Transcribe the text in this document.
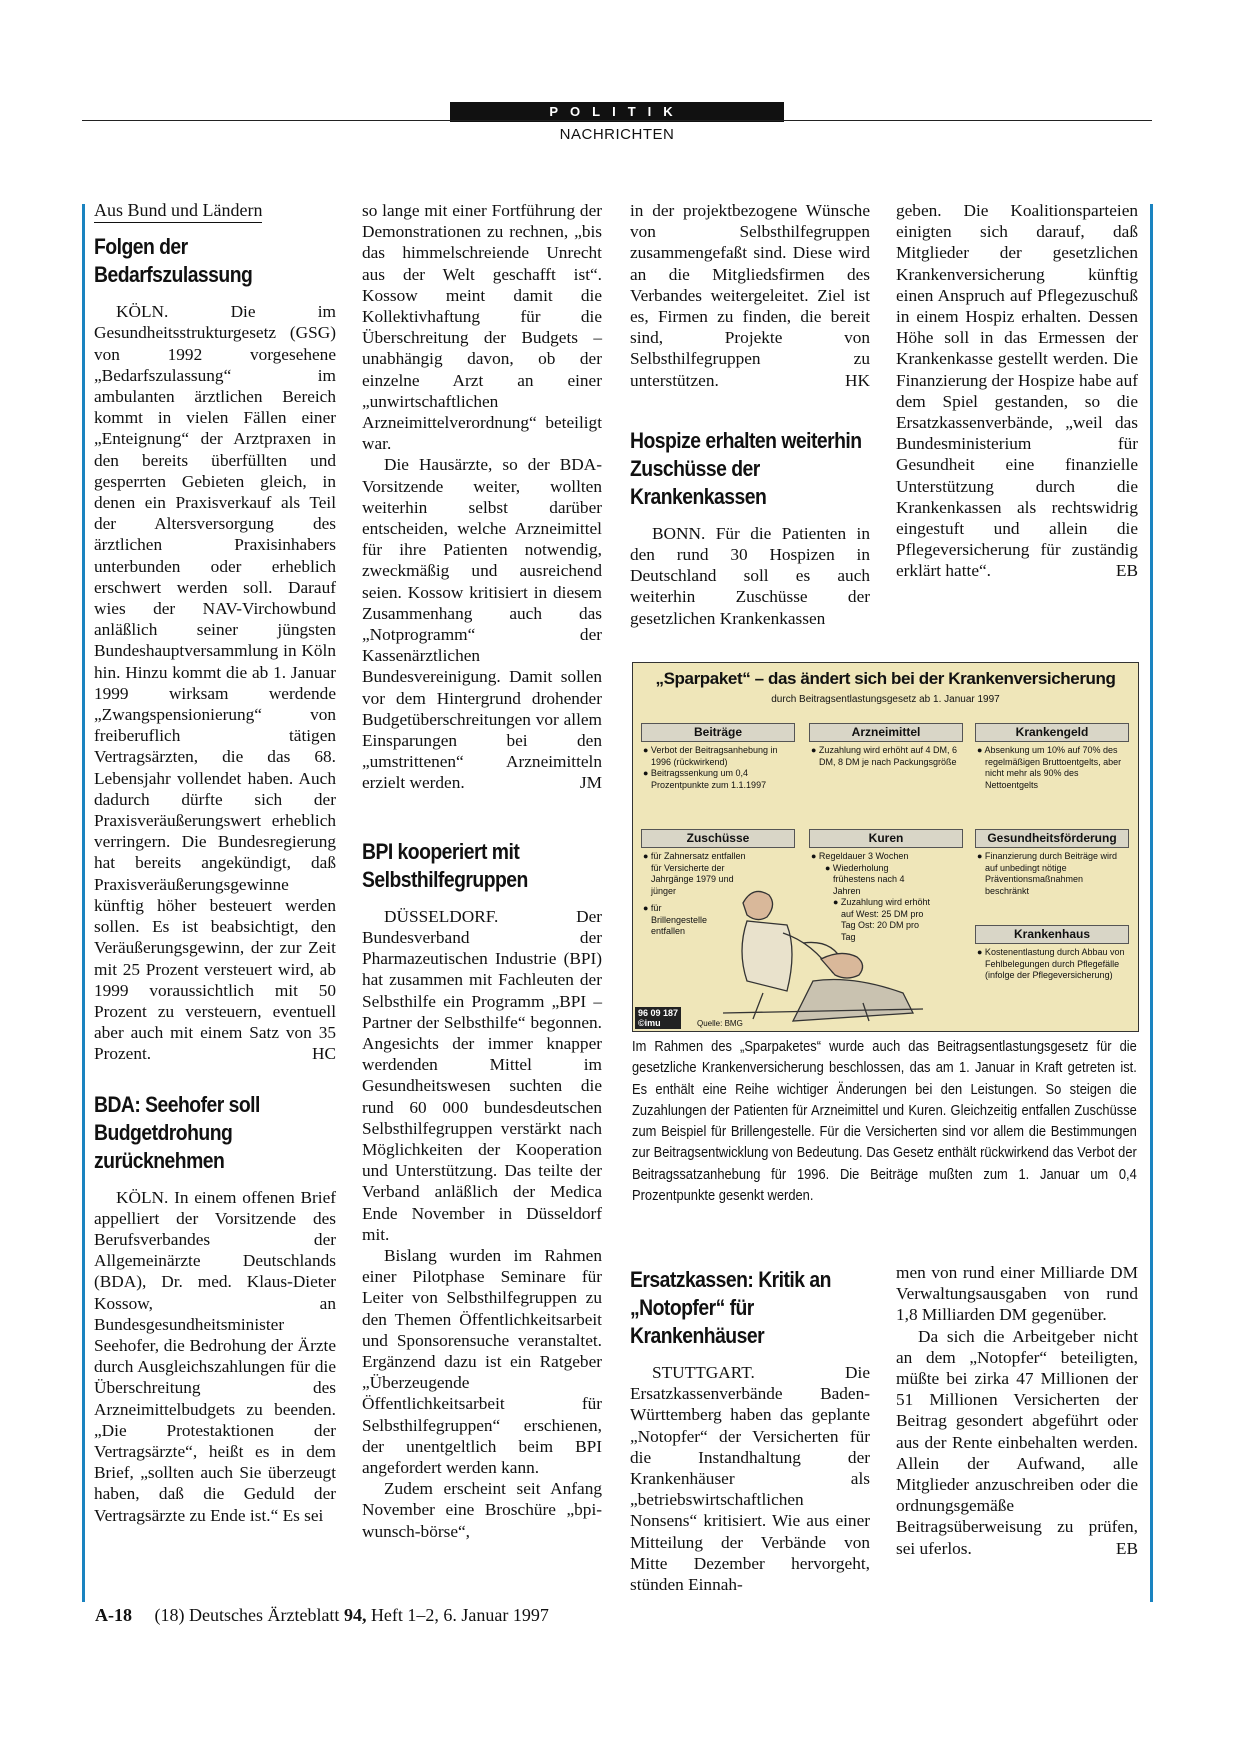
POLITIK
NACHRICHTEN
Aus Bund und Ländern
Folgen der Bedarfszulassung

KÖLN. Die im Gesundheitsstrukturgesetz (GSG) von 1992 vorgesehene „Bedarfszulassung“ im ambulanten ärztlichen Bereich kommt in vielen Fällen einer „Enteignung“ der Arztpraxen in den bereits überfüllten und gesperrten Gebieten gleich, in denen ein Praxisverkauf als Teil der Altersversorgung des ärztlichen Praxisinhabers unterbunden oder erheblich erschwert werden soll. Darauf wies der NAV-Virchowbund anläßlich seiner jüngsten Bundeshauptversammlung in Köln hin. Hinzu kommt die ab 1. Januar 1999 wirksam werdende „Zwangspensionierung“ von freiberuflich tätigen Vertragsärzten, die das 68. Lebensjahr vollendet haben. Auch dadurch dürfte sich der Praxisveräußerungswert erheblich verringern. Die Bundesregierung hat bereits angekündigt, daß Praxisveräußerungsgewinne künftig höher besteuert werden sollen. Es ist beabsichtigt, den Veräußerungsgewinn, der zur Zeit mit 25 Prozent versteuert wird, ab 1999 voraussichtlich mit 50 Prozent zu versteuern, eventuell aber auch mit einem Satz von 35 Prozent.	HC

BDA: Seehofer soll Budgetdrohung zurücknehmen

KÖLN. In einem offenen Brief appelliert der Vorsitzende des Berufsverbandes der Allgemeinärzte Deutschlands (BDA), Dr. med. Klaus-Dieter Kossow, an Bundesgesundheitsminister Seehofer, die Bedrohung der Ärzte durch Ausgleichszahlungen für die Überschreitung des Arzneimittelbudgets zu beenden. „Die Protestaktionen der Vertragsärzte“, heißt es in dem Brief, „sollten auch Sie überzeugt haben, daß die Geduld der Vertragsärzte zu Ende ist.“ Es sei

so lange mit einer Fortführung der Demonstrationen zu rechnen, „bis das himmelschreiende Unrecht aus der Welt geschafft ist“. Kossow meint damit die Kollektivhaftung für die Überschreitung der Budgets – unabhängig davon, ob der einzelne Arzt an einer „unwirtschaftlichen Arzneimittelverordnung“ beteiligt war.

Die Hausärzte, so der BDA-Vorsitzende weiter, wollten weiterhin selbst darüber entscheiden, welche Arzneimittel für ihre Patienten notwendig, zweckmäßig und ausreichend seien. Kossow kritisiert in diesem Zusammenhang auch das „Notprogramm“ der Kassenärztlichen Bundesvereinigung. Damit sollen vor dem Hintergrund drohender Budgetüberschreitungen vor allem Einsparungen bei den „umstrittenen“ Arzneimitteln erzielt werden.	JM

BPI kooperiert mit Selbsthilfegruppen

DÜSSELDORF. Der Bundesverband der Pharmazeutischen Industrie (BPI) hat zusammen mit Fachleuten der Selbsthilfe ein Programm „BPI – Partner der Selbsthilfe“ begonnen. Angesichts der immer knapper werdenden Mittel im Gesundheitswesen suchten die rund 60 000 bundesdeutschen Selbsthilfegruppen verstärkt nach Möglichkeiten der Kooperation und Unterstützung. Das teilte der Verband anläßlich der Medica Ende November in Düsseldorf mit.

Bislang wurden im Rahmen einer Pilotphase Seminare für Leiter von Selbsthilfegruppen zu den Themen Öffentlichkeitsarbeit und Sponsorensuche veranstaltet. Ergänzend dazu ist ein Ratgeber „Überzeugende Öffentlichkeitsarbeit für Selbsthilfegruppen“ erschienen, der unentgeltlich beim BPI angefordert werden kann.

Zudem erscheint seit Anfang November eine Broschüre „bpi-wunsch-börse“,

in der projektbezogene Wünsche von Selbsthilfegruppen zusammengefaßt sind. Diese wird an die Mitgliedsfirmen des Verbandes weitergeleitet. Ziel ist es, Firmen zu finden, die bereit sind, Projekte von Selbsthilfegruppen zu unterstützen.	HK

Hospize erhalten weiterhin Zuschüsse der Krankenkassen

BONN. Für die Patienten in den rund 30 Hospizen in Deutschland soll es auch weiterhin Zuschüsse der gesetzlichen Krankenkassen

geben. Die Koalitionsparteien einigten sich darauf, daß Mitglieder der gesetzlichen Krankenversicherung künftig einen Anspruch auf Pflegezuschuß in einem Hospiz erhalten. Dessen Höhe soll in das Ermessen der Krankenkasse gestellt werden. Die Finanzierung der Hospize habe auf dem Spiel gestanden, so die Ersatzkassenverbände, „weil das Bundesministerium für Gesundheit eine finanzielle Unterstützung durch die Krankenkassen als rechtswidrig eingestuft und allein die Pflegeversicherung für zuständig erklärt hatte“.	EB

„Sparpaket“ – das ändert sich bei der Krankenversicherung
durch Beitragsentlastungsgesetz ab 1. Januar 1997
Beiträge
● Verbot der Beitragsanhebung in 1996 (rückwirkend)
● Beitragssenkung um 0,4 Prozentpunkte zum 1.1.1997
Arzneimittel
● Zuzahlung wird erhöht auf 4 DM, 6 DM, 8 DM je nach Packungsgröße
Krankengeld
● Absenkung um 10% auf 70% des regelmäßigen Bruttoentgelts, aber nicht mehr als 90% des Nettoentgelts
Zuschüsse
● für Zahnersatz entfallen für Versicherte der Jahrgänge 1979 und jünger
● für Brillengestelle entfallen
Kuren
● Regeldauer 3 Wochen
● Wiederholung frühestens nach 4 Jahren
● Zuzahlung wird erhöht auf West: 25 DM pro Tag Ost: 20 DM pro Tag
Gesundheitsförderung
● Finanzierung durch Beiträge wird auf unbedingt nötige Präventionsmaßnahmen beschränkt
Krankenhaus
● Kostenentlastung durch Abbau von Fehlbelegungen durch Pflegefälle (infolge der Pflegeversicherung)
96 09 187
©imu	Quelle: BMG
Im Rahmen des „Sparpaketes“ wurde auch das Beitragsentlastungsgesetz für die gesetzliche Krankenversicherung beschlossen, das am 1. Januar in Kraft getreten ist. Es enthält eine Reihe wichtiger Änderungen bei den Leistungen. So steigen die Zuzahlungen der Patienten für Arzneimittel und Kuren. Gleichzeitig entfallen Zuschüsse zum Beispiel für Brillengestelle. Für die Versicherten sind vor allem die Bestimmungen zur Beitragsentwicklung von Bedeutung. Das Gesetz enthält rückwirkend das Verbot der Beitragssatzanhebung für 1996. Die Beiträge mußten zum 1. Januar um 0,4 Prozentpunkte gesenkt werden.
Ersatzkassen: Kritik an „Notopfer“ für Krankenhäuser

STUTTGART. Die Ersatzkassenverbände Baden-Württemberg haben das geplante „Notopfer“ der Versicherten für die Instandhaltung der Krankenhäuser als „betriebswirtschaftlichen Nonsens“ kritisiert. Wie aus einer Mitteilung der Verbände von Mitte Dezember hervorgeht, stünden Einnah-

men von rund einer Milliarde DM Verwaltungsausgaben von rund 1,8 Milliarden DM gegenüber.

Da sich die Arbeitgeber nicht an dem „Notopfer“ beteiligten, müßte bei zirka 47 Millionen der 51 Millionen Versicherten der Beitrag gesondert abgeführt oder aus der Rente einbehalten werden. Allein der Aufwand, alle Mitglieder anzuschreiben oder die ordnungsgemäße Beitragsüberweisung zu prüfen, sei uferlos.	EB

A-18 (18) Deutsches Ärzteblatt 94, Heft 1–2, 6. Januar 1997
